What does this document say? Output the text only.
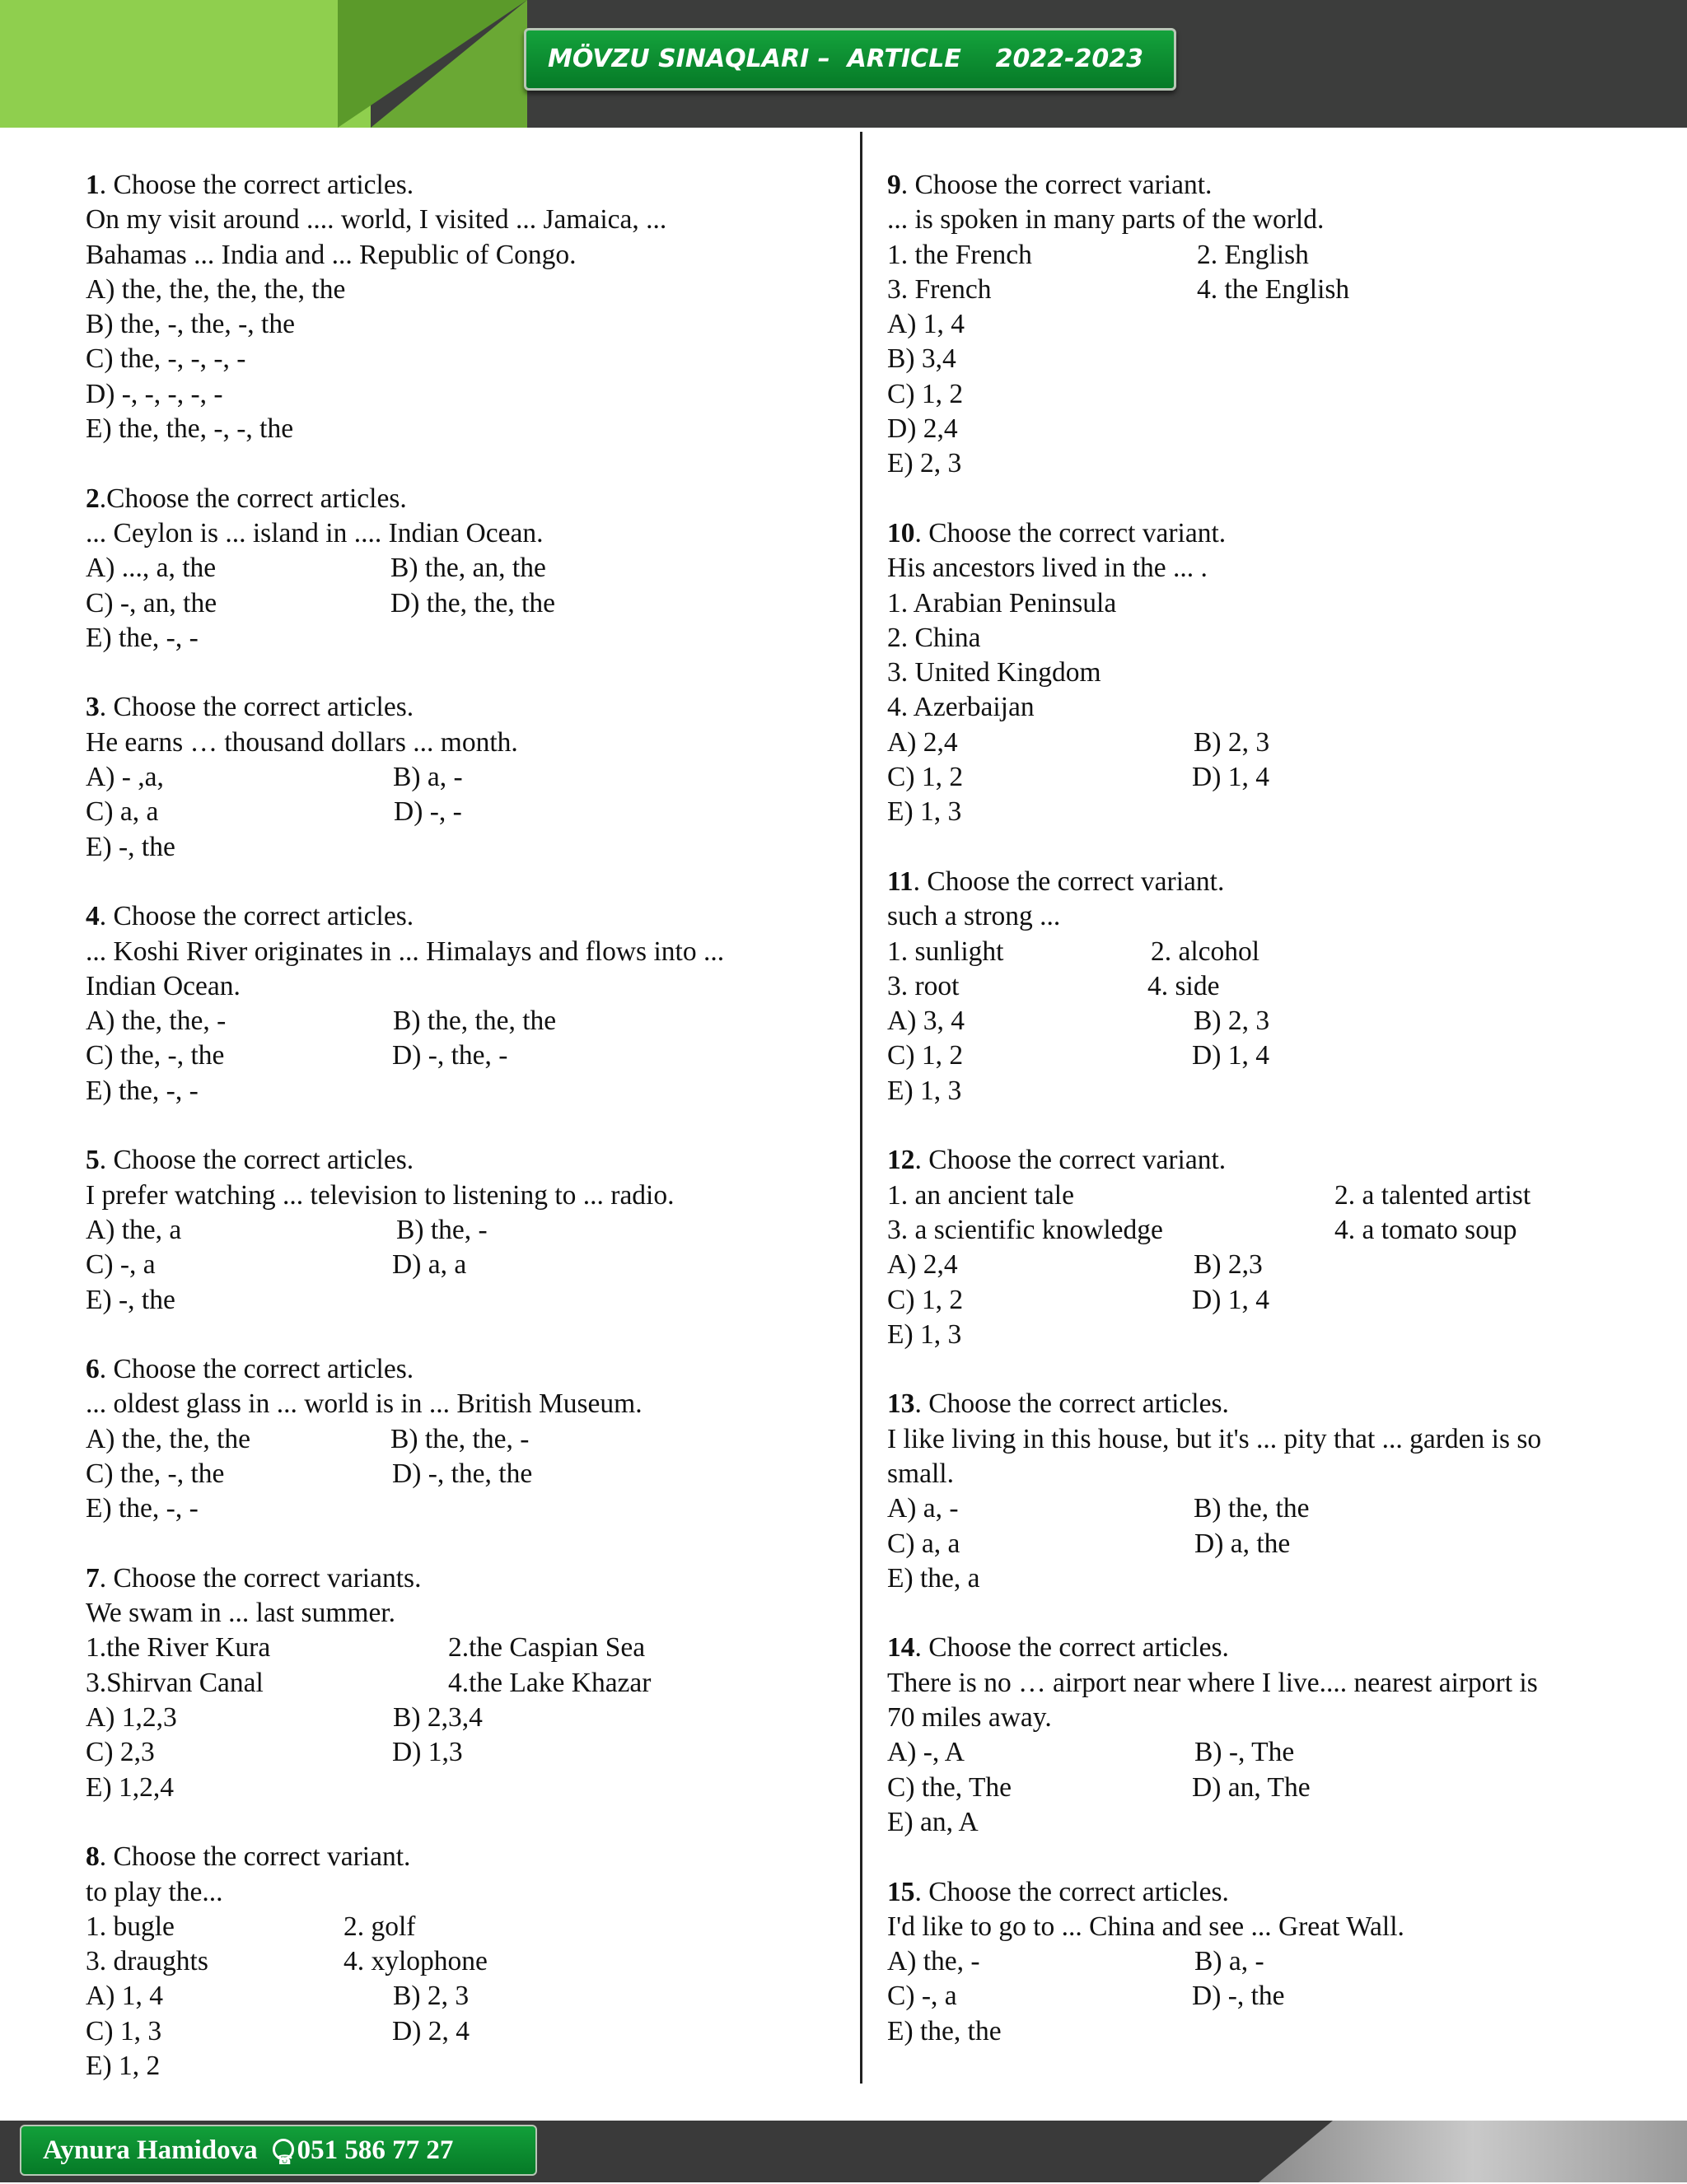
MÖVZU SINAQLARI –  ARTICLE    2022-2023
1. Choose the correct articles.
On my visit around .... world, I visited ... Jamaica, ...
Bahamas ... India and ... Republic of Congo.
A) the, the, the, the, the
B) the, -, the, -, the
C) the, -, -, -, -
D) -, -, -, -, -
E) the, the, -, -, the
2.Choose the correct articles.
... Ceylon is ... island in .... Indian Ocean.
A) ..., a, the	B) the, an, the
C) -, an, the	D) the, the, the
E) the, -, -
3. Choose the correct articles.
He earns … thousand dollars ... month.
A) - ,a,	B) a, -
C) a, a	D) -, -
E) -, the
4. Choose the correct articles.
... Koshi River originates in ... Himalays and flows into ...
Indian Ocean.
A) the, the, -	B) the, the, the
C) the, -, the	D) -, the, -
E) the, -, -
5. Choose the correct articles.
I prefer watching ... television to listening to ... radio.
A) the, a	B) the, -
C) -, a	D) a, a
E) -, the
6. Choose the correct articles.
... oldest glass in ... world is in ... British Museum.
A) the, the, the	B) the, the, -
C) the, -, the	D) -, the, the
E) the, -, -
7. Choose the correct variants.
We swam in ... last summer.
1.the River Kura	2.the Caspian Sea
3.Shirvan Canal	4.the Lake Khazar
A) 1,2,3	B) 2,3,4
C) 2,3	D) 1,3
E) 1,2,4
8. Choose the correct variant.
to play the...
1. bugle	2. golf
3. draughts	4. xylophone
A) 1, 4	B) 2, 3
C) 1, 3	D) 2, 4
E) 1, 2
9. Choose the correct variant.
... is spoken in many parts of the world.
1. the French	2. English
3. French	4. the English
A) 1, 4
B) 3,4
C) 1, 2
D) 2,4
E) 2, 3
10. Choose the correct variant.
His ancestors lived in the ... .
1. Arabian Peninsula
2. China
3. United Kingdom
4. Azerbaijan
A) 2,4	B) 2, 3
C) 1, 2	D) 1, 4
E) 1, 3
11. Choose the correct variant.
such a strong ...
1. sunlight	2. alcohol
3. root	4. side
A) 3, 4	B) 2, 3
C) 1, 2	D) 1, 4
E) 1, 3
12. Choose the correct variant.
1. an ancient tale	2. a talented artist
3. a scientific knowledge	4. a tomato soup
A) 2,4	B) 2,3
C) 1, 2	D) 1, 4
E) 1, 3
13. Choose the correct articles.
I like living in this house, but it's ... pity that ... garden is so
small.
A) a, -	B) the, the
C) a, a	D) a, the
E) the, a
14. Choose the correct articles.
There is no … airport near where I live.... nearest airport is
70 miles away.
A) -, A	B) -, The
C) the, The	D) an, The
E) an, A
15. Choose the correct articles.
I'd like to go to ... China and see ... Great Wall.
A) the, -	B) a, -
C) -, a	D) -, the
E) the, the
Aynura Hamidova ☎ 051 586 77 27
